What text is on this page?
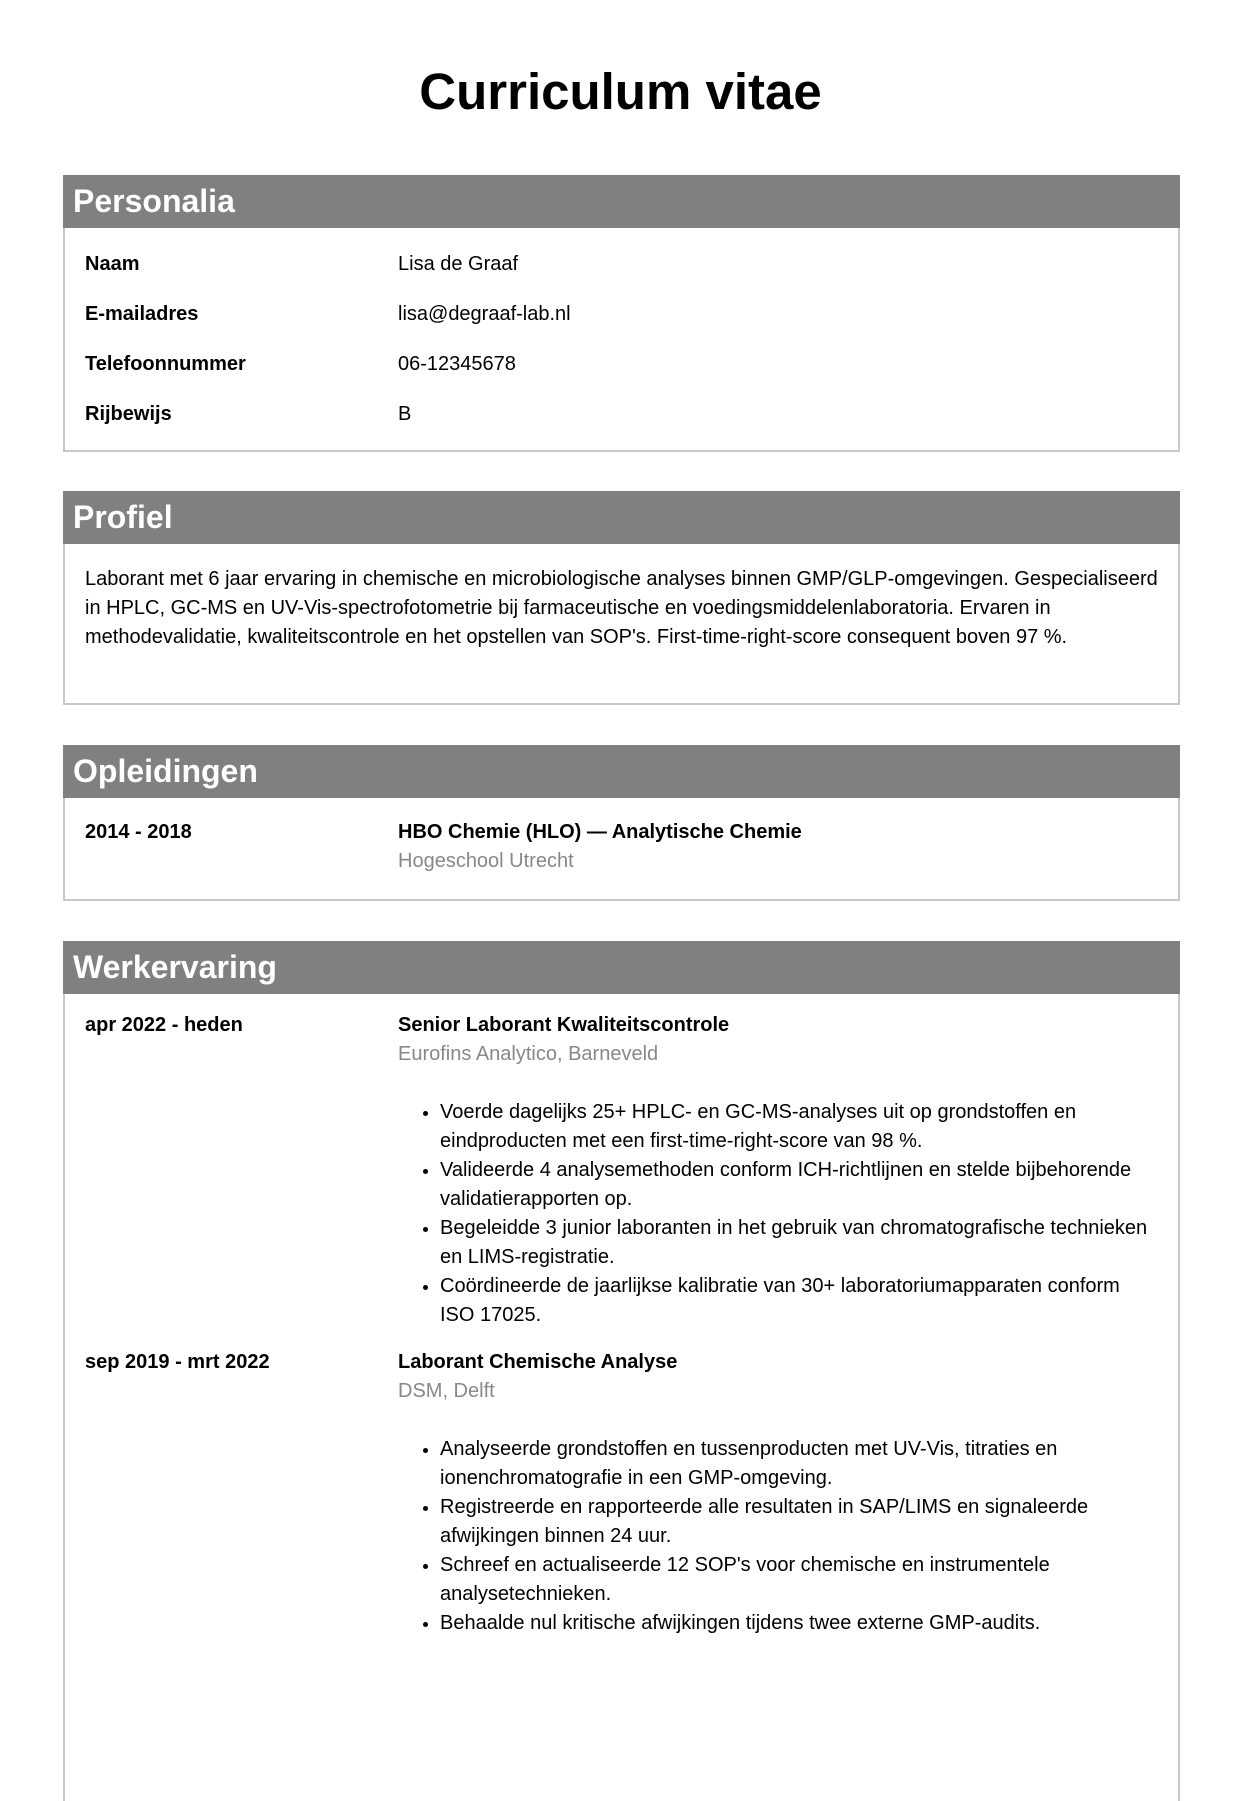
Curriculum vitae
Personalia
Naam	Lisa de Graaf
E-mailadres	lisa@degraaf-lab.nl
Telefoonnummer	06-12345678
Rijbewijs	B
Profiel
Laborant met 6 jaar ervaring in chemische en microbiologische analyses binnen GMP/GLP-omgevingen. Gespecialiseerd in HPLC, GC-MS en UV-Vis-spectrofotometrie bij farmaceutische en voedingsmiddelenlaboratoria. Ervaren in methodevalidatie, kwaliteitscontrole en het opstellen van SOP's. First-time-right-score consequent boven 97 %.
Opleidingen
2014 - 2018	HBO Chemie (HLO) — Analytische Chemie
Hogeschool Utrecht
Werkervaring
apr 2022 - heden	Senior Laborant Kwaliteitscontrole
Eurofins Analytico, Barneveld
• Voerde dagelijks 25+ HPLC- en GC-MS-analyses uit op grondstoffen en eindproducten met een first-time-right-score van 98 %.
• Valideerde 4 analysemethoden conform ICH-richtlijnen en stelde bijbehorende validatierapporten op.
• Begeleidde 3 junior laboranten in het gebruik van chromatografische technieken en LIMS-registratie.
• Coördineerde de jaarlijkse kalibratie van 30+ laboratoriumapparaten conform ISO 17025.
sep 2019 - mrt 2022	Laborant Chemische Analyse
DSM, Delft
• Analyseerde grondstoffen en tussenproducten met UV-Vis, titraties en ionenchromatografie in een GMP-omgeving.
• Registreerde en rapporteerde alle resultaten in SAP/LIMS en signaleerde afwijkingen binnen 24 uur.
• Schreef en actualiseerde 12 SOP's voor chemische en instrumentele analysetechnieken.
• Behaalde nul kritische afwijkingen tijdens twee externe GMP-audits.
